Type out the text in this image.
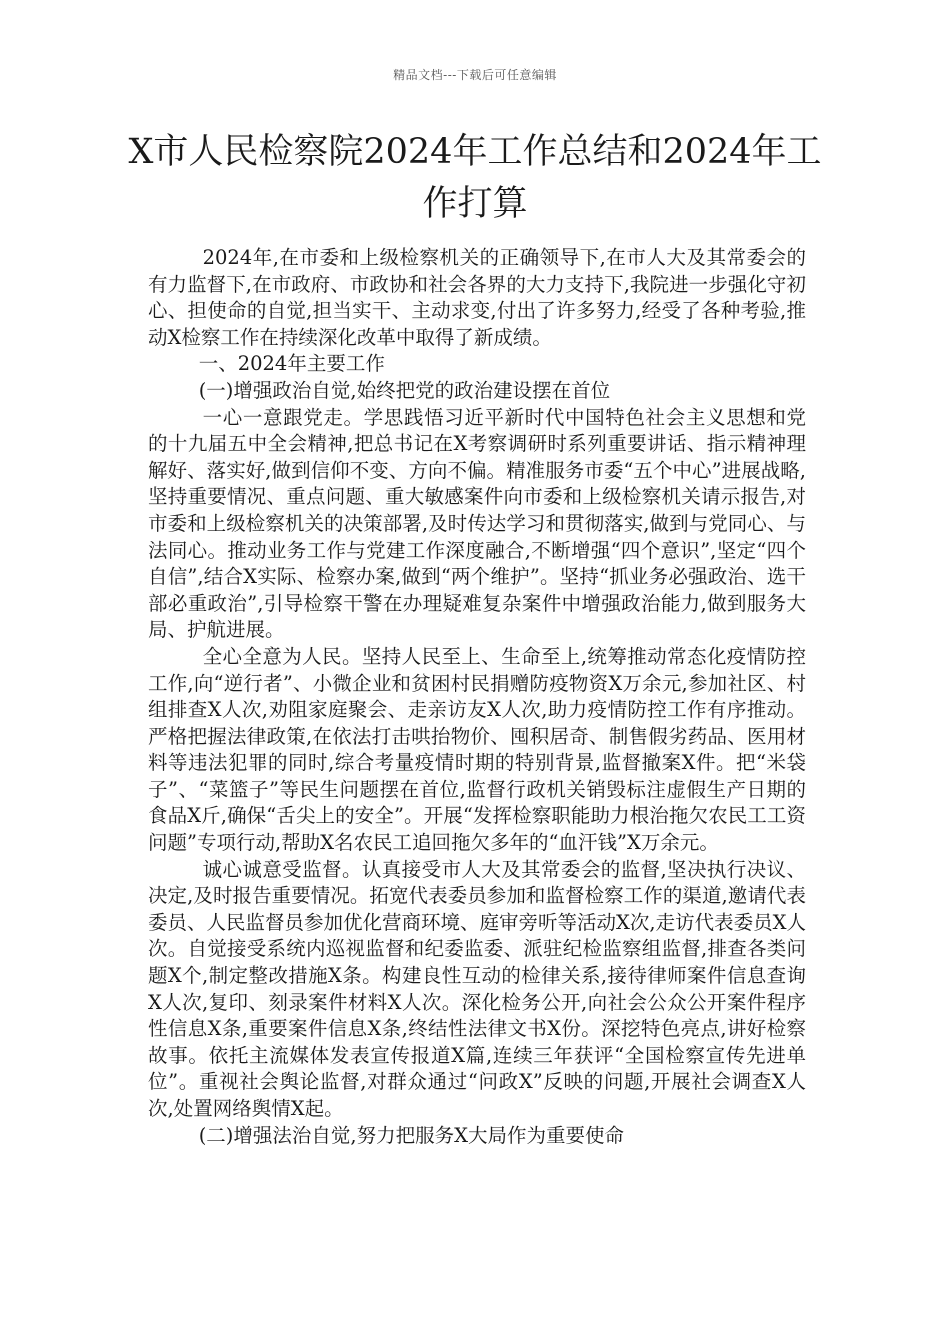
精品文档---下载后可任意编辑
X市人民检察院2024年工作总结和2024年工作打算

2024年,在市委和上级检察机关的正确领导下,在市人大及其常委会的有力监督下,在市政府、市政协和社会各界的大力支持下,我院进一步强化守初心、担使命的自觉,担当实干、主动求变,付出了许多努力,经受了各种考验,推动X检察工作在持续深化改革中取得了新成绩。

一、2024年主要工作

(一)增强政治自觉,始终把党的政治建设摆在首位

一心一意跟党走。学思践悟习近平新时代中国特色社会主义思想和党的十九届五中全会精神,把总书记在X考察调研时系列重要讲话、指示精神理解好、落实好,做到信仰不变、方向不偏。精准服务市委“五个中心”进展战略,坚持重要情况、重点问题、重大敏感案件向市委和上级检察机关请示报告,对市委和上级检察机关的决策部署,及时传达学习和贯彻落实,做到与党同心、与法同心。推动业务工作与党建工作深度融合,不断增强“四个意识”,坚定“四个自信”,结合X实际、检察办案,做到“两个维护”。坚持“抓业务必强政治、选干部必重政治”,引导检察干警在办理疑难复杂案件中增强政治能力,做到服务大局、护航进展。

全心全意为人民。坚持人民至上、生命至上,统筹推动常态化疫情防控工作,向“逆行者”、小微企业和贫困村民捐赠防疫物资X万余元,参加社区、村组排查X人次,劝阻家庭聚会、走亲访友X人次,助力疫情防控工作有序推动。严格把握法律政策,在依法打击哄抬物价、囤积居奇、制售假劣药品、医用材料等违法犯罪的同时,综合考量疫情时期的特别背景,监督撤案X件。把“米袋子”、“菜篮子”等民生问题摆在首位,监督行政机关销毁标注虚假生产日期的食品X斤,确保“舌尖上的安全”。开展“发挥检察职能助力根治拖欠农民工工资问题”专项行动,帮助X名农民工追回拖欠多年的“血汗钱”X万余元。

诚心诚意受监督。认真接受市人大及其常委会的监督,坚决执行决议、决定,及时报告重要情况。拓宽代表委员参加和监督检察工作的渠道,邀请代表委员、人民监督员参加优化营商环境、庭审旁听等活动X次,走访代表委员X人次。自觉接受系统内巡视监督和纪委监委、派驻纪检监察组监督,排查各类问题X个,制定整改措施X条。构建良性互动的检律关系,接待律师案件信息查询X人次,复印、刻录案件材料X人次。深化检务公开,向社会公众公开案件程序性信息X条,重要案件信息X条,终结性法律文书X份。深挖特色亮点,讲好检察故事。依托主流媒体发表宣传报道X篇,连续三年获评“全国检察宣传先进单位”。重视社会舆论监督,对群众通过“问政X”反映的问题,开展社会调查X人次,处置网络舆情X起。

(二)增强法治自觉,努力把服务X大局作为重要使命
